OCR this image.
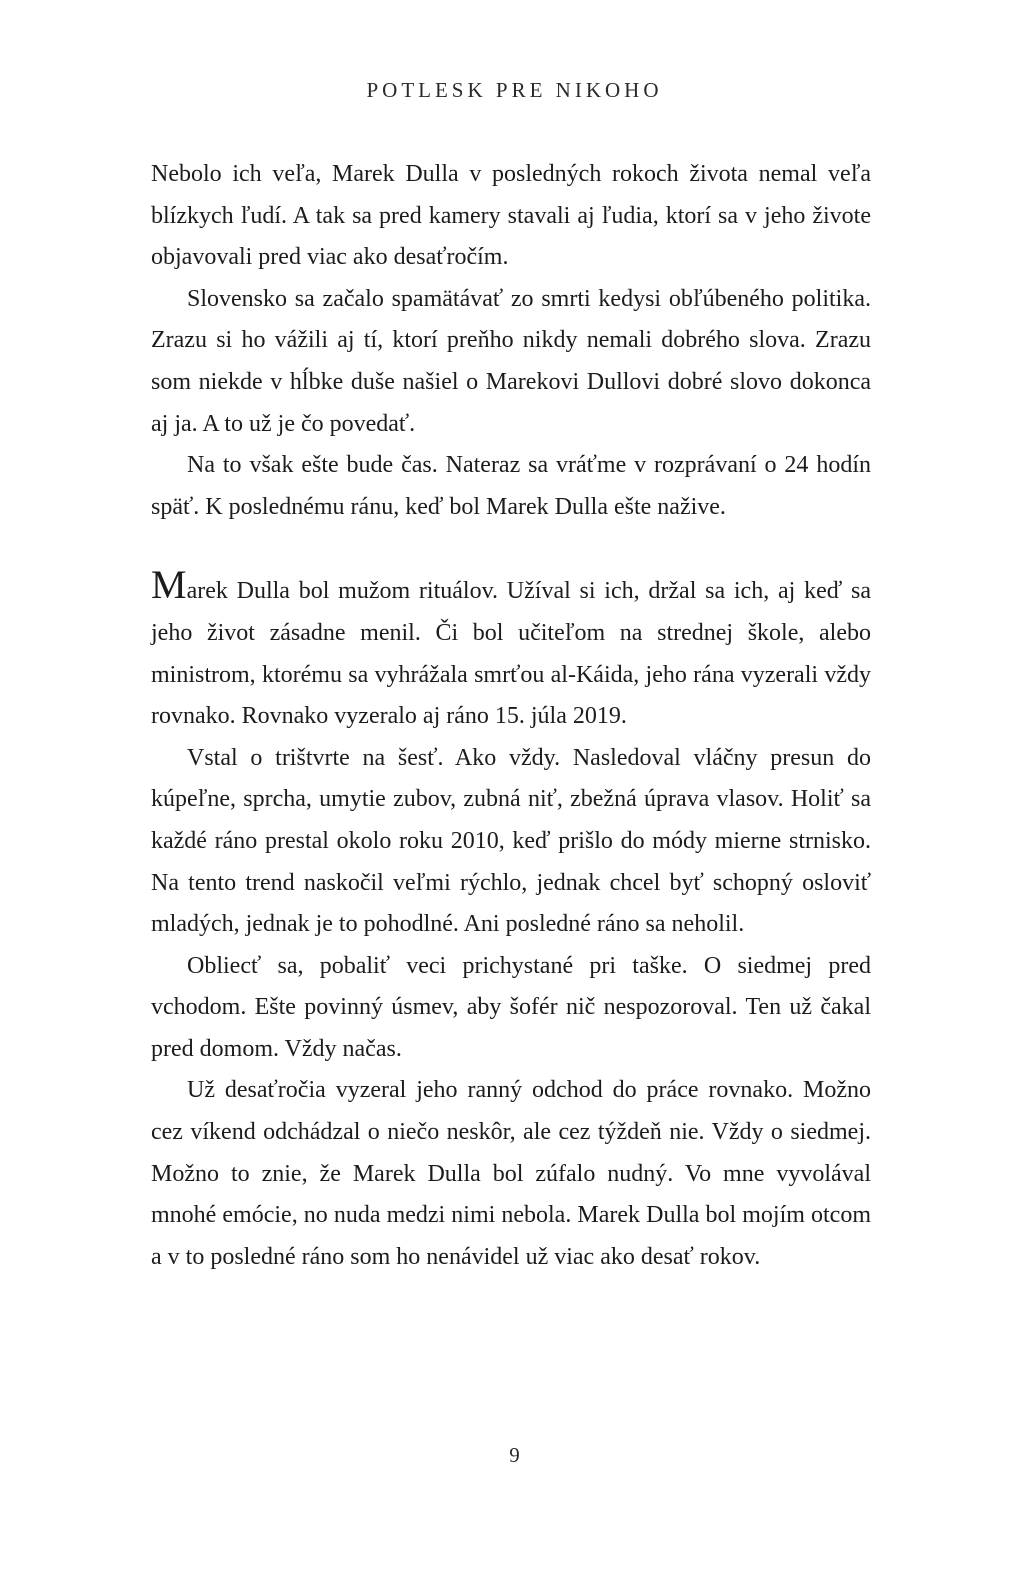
POTLESK PRE NIKOHO

Nebolo ich veľa, Marek Dulla v posledných rokoch života nemal veľa blízkych ľudí. A tak sa pred kamery stavali aj ľudia, ktorí sa v jeho živote objavovali pred viac ako desaťročím.

Slovensko sa začalo spamätávať zo smrti kedysi obľúbeného politika. Zrazu si ho vážili aj tí, ktorí preňho nikdy nemali dobrého slova. Zrazu som niekde v hĺbke duše našiel o Marekovi Dullovi dobré slovo dokonca aj ja. A to už je čo povedať.

Na to však ešte bude čas. Nateraz sa vráťme v rozprávaní o 24 hodín späť. K poslednému ránu, keď bol Marek Dulla ešte nažive.

Marek Dulla bol mužom rituálov. Užíval si ich, držal sa ich, aj keď sa jeho život zásadne menil. Či bol učiteľom na strednej škole, alebo ministrom, ktorému sa vyhrážala smrťou al-Káida, jeho rána vyzerali vždy rovnako. Rovnako vyzeralo aj ráno 15. júla 2019.

Vstal o trištvrte na šesť. Ako vždy. Nasledoval vláčny presun do kúpeľne, sprcha, umytie zubov, zubná niť, zbežná úprava vlasov. Holiť sa každé ráno prestal okolo roku 2010, keď prišlo do módy mierne strnisko. Na tento trend naskočil veľmi rýchlo, jednak chcel byť schopný osloviť mladých, jednak je to pohodlné. Ani posledné ráno sa neholil.

Obliecť sa, pobaliť veci prichystané pri taške. O siedmej pred vchodom. Ešte povinný úsmev, aby šofér nič nespozoroval. Ten už čakal pred domom. Vždy načas.

Už desaťročia vyzeral jeho ranný odchod do práce rovnako. Možno cez víkend odchádzal o niečo neskôr, ale cez týždeň nie. Vždy o siedmej. Možno to znie, že Marek Dulla bol zúfalo nudný. Vo mne vyvolával mnohé emócie, no nuda medzi nimi nebola. Marek Dulla bol mojím otcom a v to posledné ráno som ho nenávidel už viac ako desať rokov.

9
